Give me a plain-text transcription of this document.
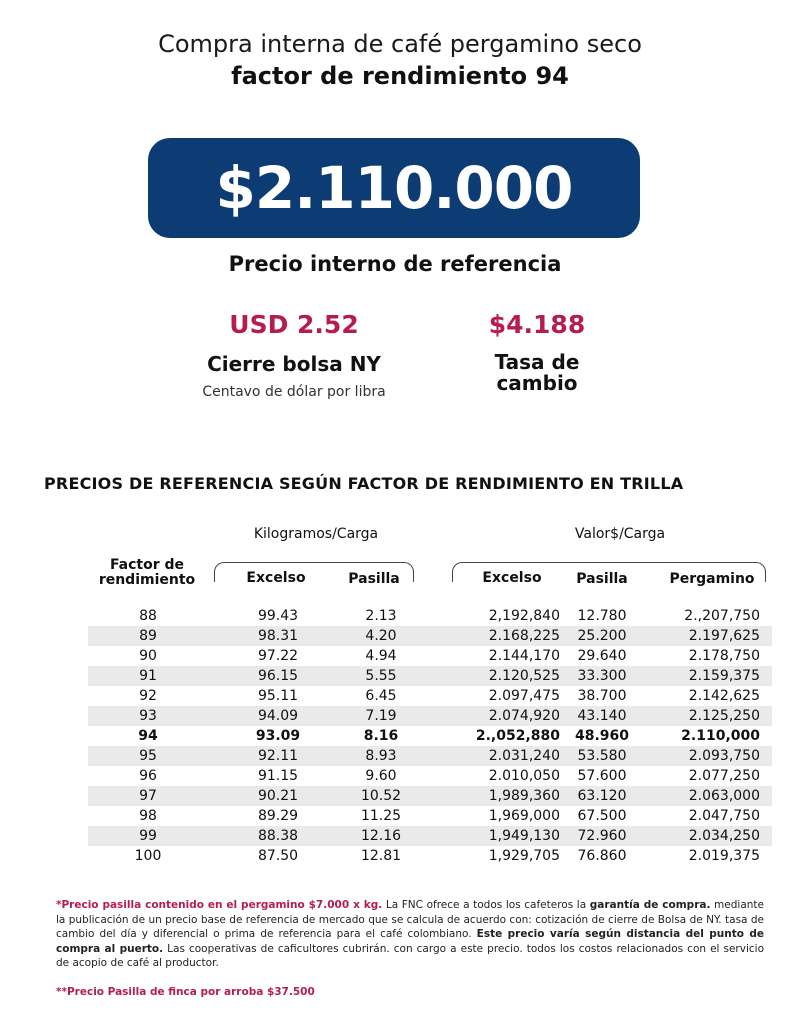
Compra interna de café pergamino seco
factor de rendimiento 94
$2.110.000
Precio interno de referencia
USD 2.52
Cierre bolsa NY
Centavo de dólar por libra
$4.188
Tasa de
cambio
PRECIOS DE REFERENCIA SEGÚN FACTOR DE RENDIMIENTO EN TRILLA
Kilogramos/Carga	Valor$/Carga
Factor de
rendimiento	Excelso	Pasilla	Excelso	Pasilla	Pergamino
88	99.43	2.13	2,192,840	12.780	2.,207,750
89	98.31	4.20	2.168,225	25.200	2.197,625
90	97.22	4.94	2.144,170	29.640	2.178,750
91	96.15	5.55	2.120,525	33.300	2.159,375
92	95.11	6.45	2.097,475	38.700	2.142,625
93	94.09	7.19	2.074,920	43.140	2.125,250
94	93.09	8.16	2.,052,880	48.960	2.110,000
95	92.11	8.93	2.031,240	53.580	2.093,750
96	91.15	9.60	2.010,050	57.600	2.077,250
97	90.21	10.52	1,989,360	63.120	2.063,000
98	89.29	11.25	1,969,000	67.500	2.047,750
99	88.38	12.16	1,949,130	72.960	2.034,250
100	87.50	12.81	1,929,705	76.860	2.019,375
*Precio pasilla contenido en el pergamino $7.000 x kg. La FNC ofrece a todos los cafeteros la garantía de compra. mediante la publicación de un precio base de referencia de mercado que se calcula de acuerdo con: cotización de cierre de Bolsa de NY. tasa de cambio del día y diferencial o prima de referencia para el café colombiano. Este precio varía según distancia del punto de compra al puerto. Las cooperativas de caficultores cubrirán. con cargo a este precio. todos los costos relacionados con el servicio de acopio de café al productor.
**Precio Pasilla de finca por arroba $37.500
